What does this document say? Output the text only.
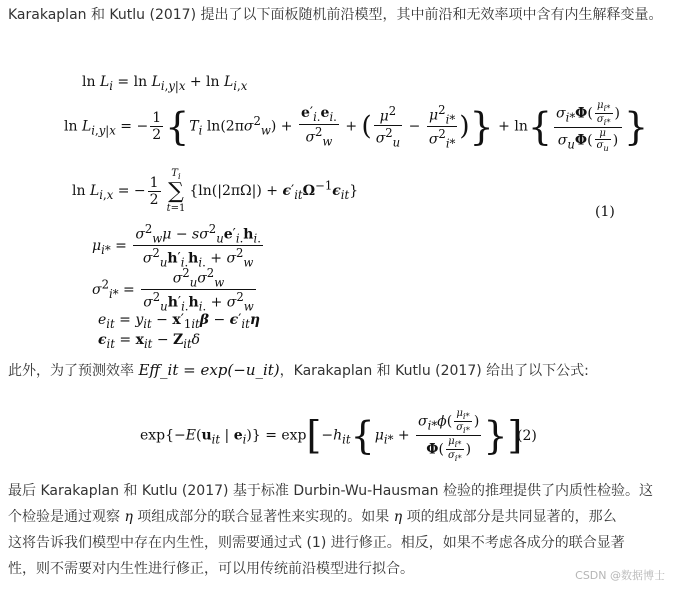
Karakaplan 和 Kutlu (2017) 提出了以下面板随机前沿模型，其中前沿和无效率项中含有内生解释变量。
$\ln L_i = \ln L_{i,y|x} + \ln L_{i,x}$
$\ln L_{i,y|x}$ = − $\frac{1}{2} \{T_i$ $\ln(2\pi\sigma^2_w) + \frac{e'_{i.}e_{i.}}{\sigma^2_w}$ + ( $\frac{\mu^2}{\sigma^2_u} - \frac{\mu^2_{i*}}{\sigma^2_{i*}}$ )} + $\ln\{ \frac{\sigma_{i*}\Phi( \frac{\mu_{i*}}{\sigma_{i*}} )}{\sigma_u\Phi( \frac{\mu}{\sigma_u} )}$ }
$\ln L_{i,x}$ = − $\frac{1}{2}$
$T_i$
∑
t=1
$\{\ln(|2\pi\Omega|) + \epsilon'_{it}\Omega^{-1}\epsilon_{it}\}$
$\mu_{i*} = \frac{\sigma^2_w\mu - s\sigma^2_ue'_{i.}h_{i.}}{\sigma^2_uh'_{i.}h_{i.} + \sigma^2_w}$
$\sigma^2_{i*} = \frac{\sigma^2_u\sigma^2_w}{\sigma^2_uh'_{i.}h_{i.} + \sigma^2_w}$
$e_{it} = y_{it} - x'_{1it}\beta - \epsilon'_{it}\eta$
$\epsilon_{it} = x_{it} - Z_{it}\delta$
(1)
此外，为了预测效率 Eff_it = exp(−u_it)，Karakaplan 和 Kutlu (2017) 给出了以下公式:
$\exp\{-E(u_{it}$ | $e_i)\} = \exp[-h_{it}\{\mu_{i*} + \frac{\sigma_{i*}\phi( \frac{\mu_{i*}}{\sigma_{i*}} )}{\Phi( \frac{\mu_{i*}}{\sigma_{i*}} )}$ }]
(2)
最后 Karakaplan 和 Kutlu (2017) 基于标准 Durbin-Wu-Hausman 检验的推理提供了内质性检验。这
个检验是通过观察 η 项组成部分的联合显著性来实现的。如果 η 项的组成部分是共同显著的，那么
这将告诉我们模型中存在内生性，则需要通过式 (1) 进行修正。相反，如果不考虑各成分的联合显著
性，则不需要对内生性进行修正，可以用传统前沿模型进行拟合。	CSDN @数据博士
